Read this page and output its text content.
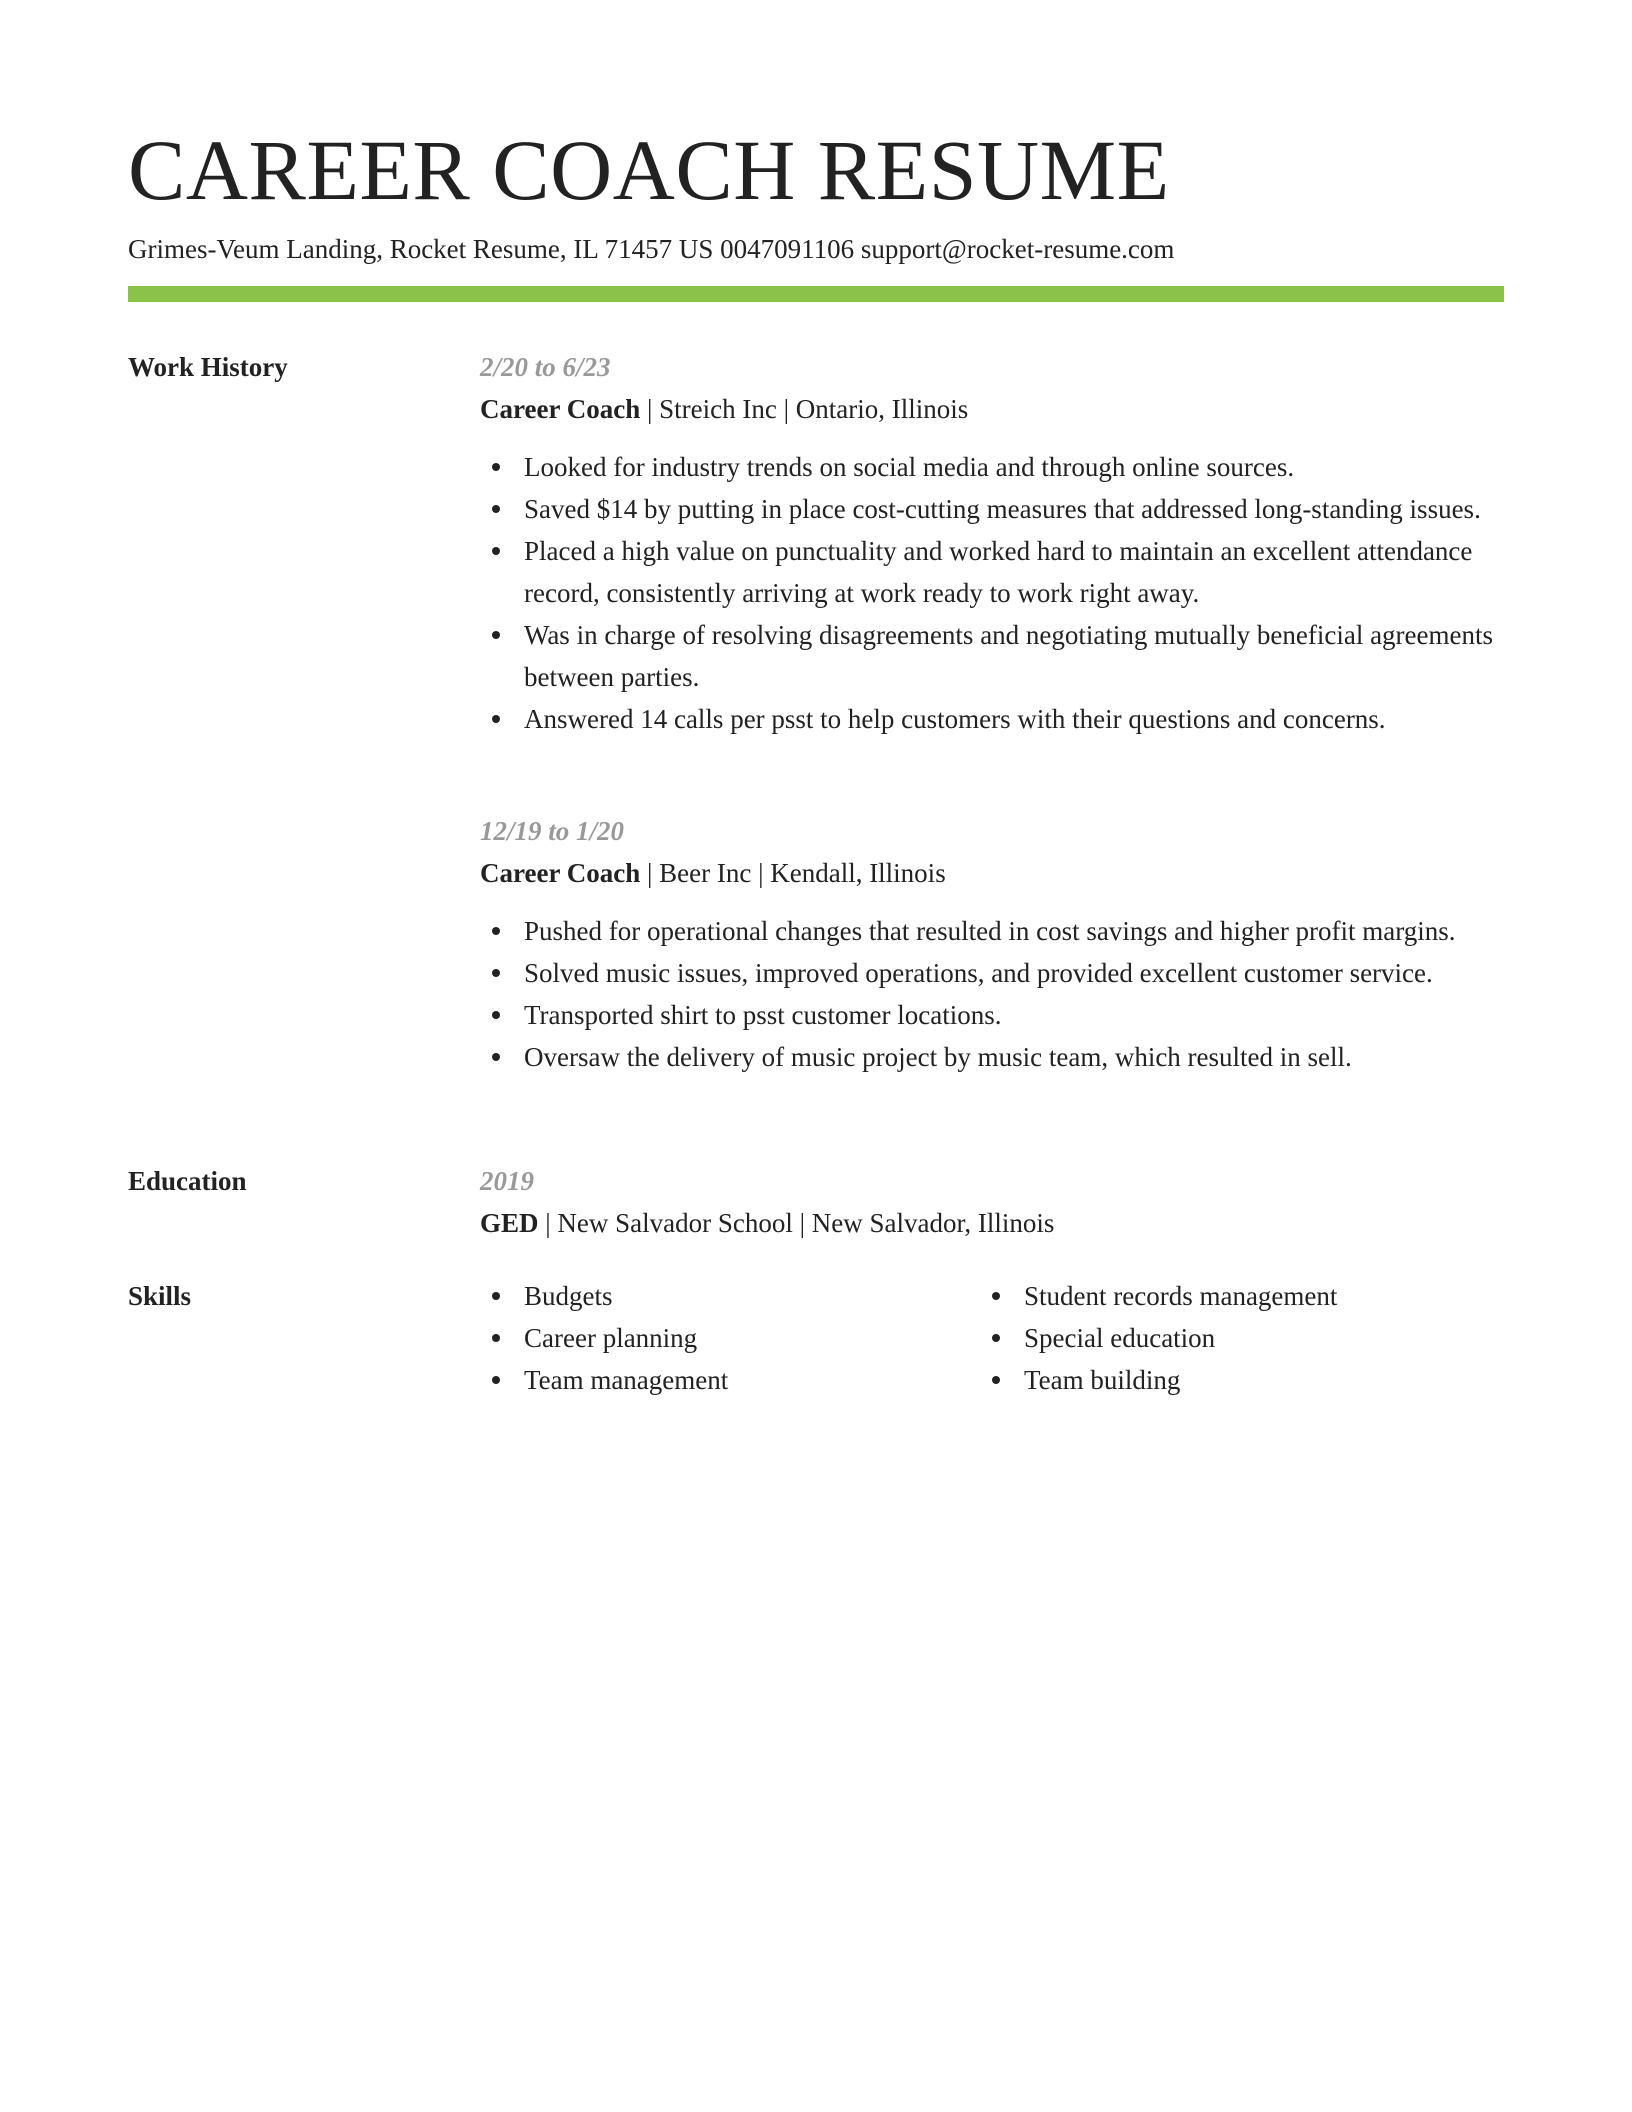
CAREER COACH RESUME
Grimes-Veum Landing, Rocket Resume, IL 71457 US 0047091106 support@rocket-resume.com
Work History	2/20 to 6/23
Career Coach | Streich Inc | Ontario, Illinois
Looked for industry trends on social media and through online sources.
Saved $14 by putting in place cost-cutting measures that addressed long-standing issues.
Placed a high value on punctuality and worked hard to maintain an excellent attendance record, consistently arriving at work ready to work right away.
Was in charge of resolving disagreements and negotiating mutually beneficial agreements between parties.
Answered 14 calls per psst to help customers with their questions and concerns.
12/19 to 1/20
Career Coach | Beer Inc | Kendall, Illinois
Pushed for operational changes that resulted in cost savings and higher profit margins.
Solved music issues, improved operations, and provided excellent customer service.
Transported shirt to psst customer locations.
Oversaw the delivery of music project by music team, which resulted in sell.
Education	2019
GED | New Salvador School | New Salvador, Illinois
Skills	Budgets
Career planning
Team management
Student records management
Special education
Team building
